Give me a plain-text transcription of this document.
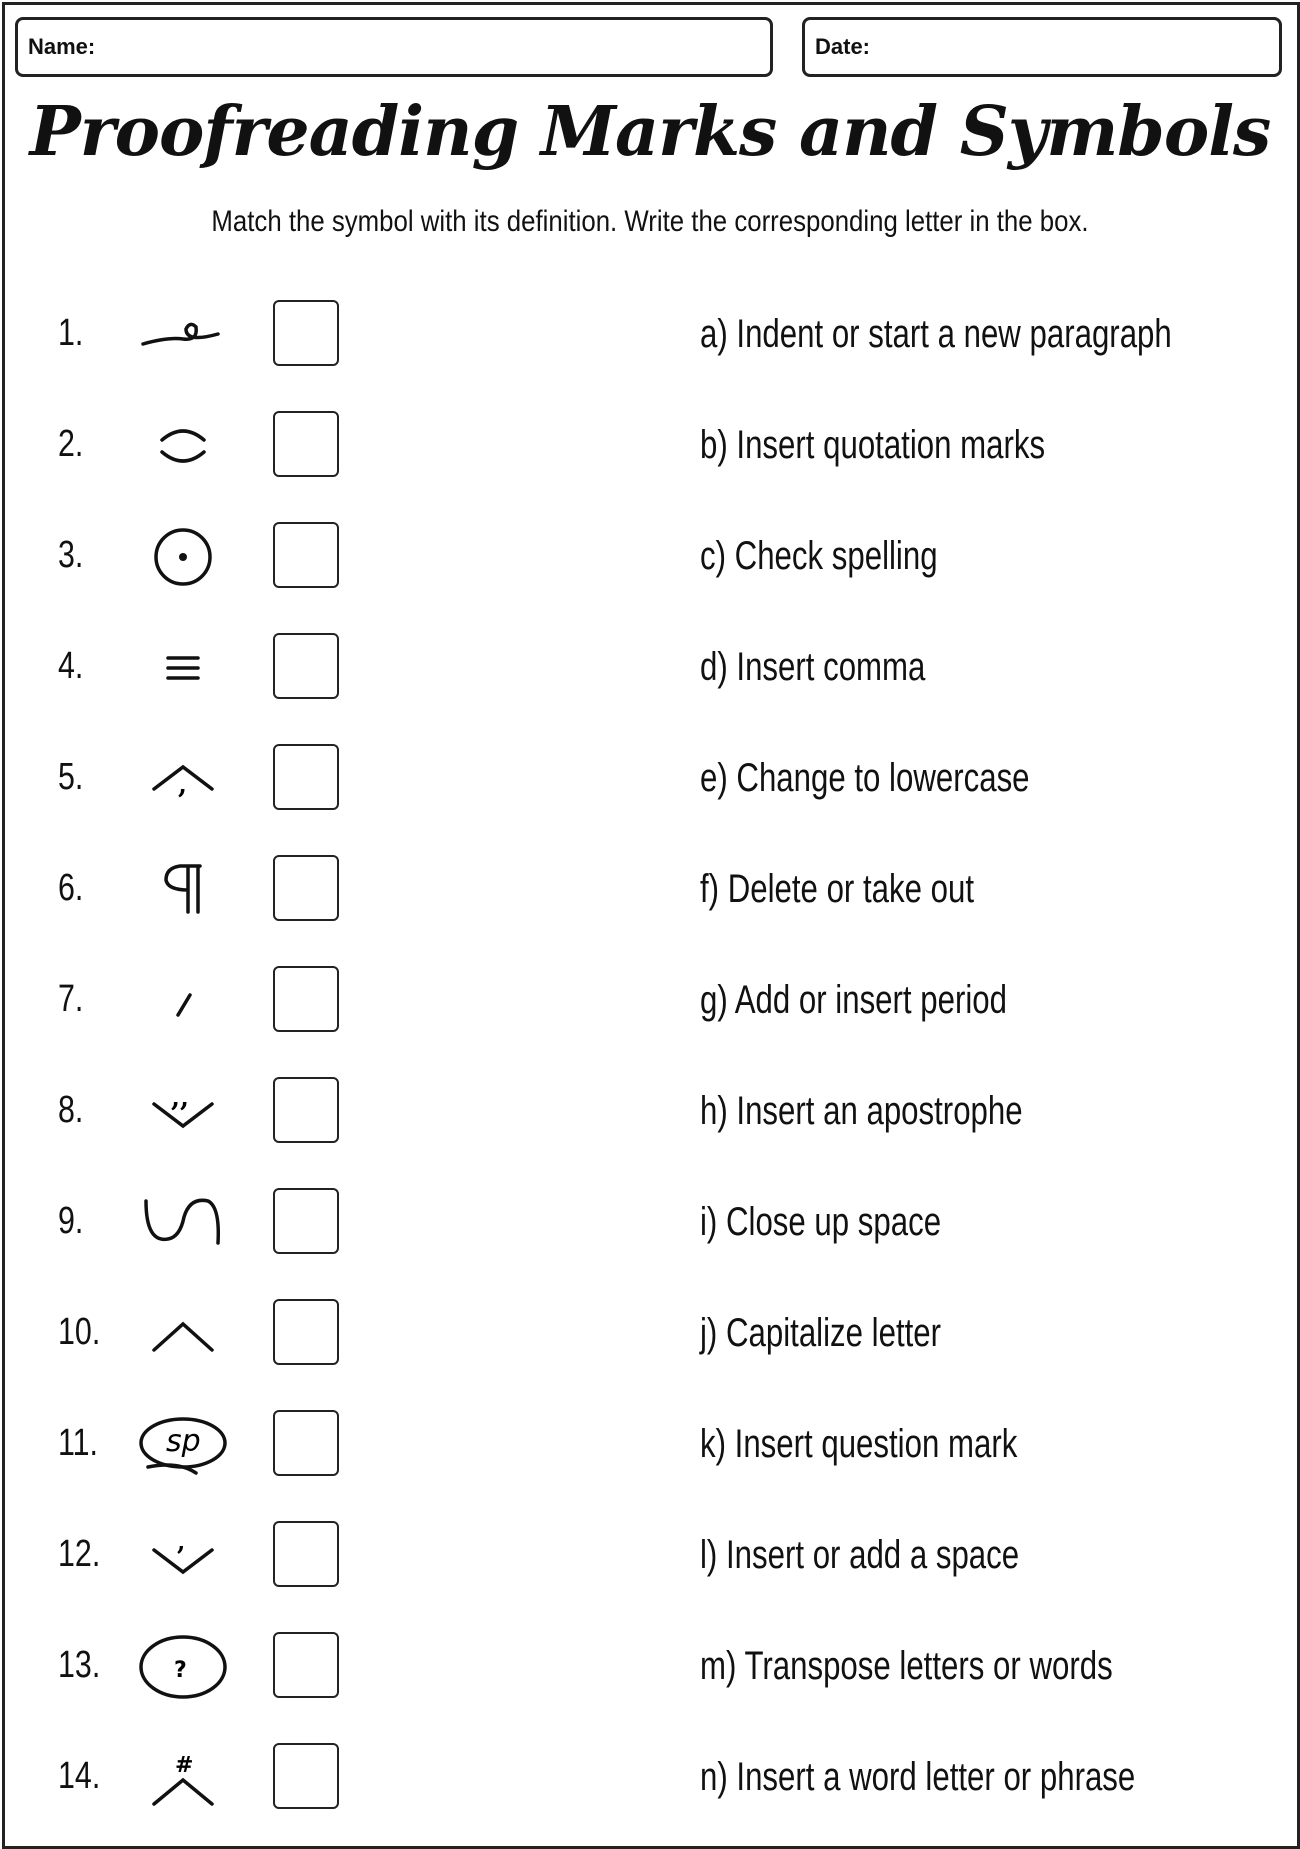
Name:	Date:
Proofreading Marks and Symbols
Match the symbol with its definition. Write the corresponding letter in the box.
1.	a) Indent or start a new paragraph
2.	b) Insert quotation marks
3.	c) Check spelling
4.	d) Insert comma
5.	,	e) Change to lowercase
6.	f) Delete or take out
7.	g) Add or insert period
8.	,,	h) Insert an apostrophe
9.	i) Close up space
10.	j) Capitalize letter
11. sp	k) Insert question mark
12.	,	l) Insert or add a space
13.	?	m) Transpose letters or words
14.	#	n) Insert a word letter or phrase
